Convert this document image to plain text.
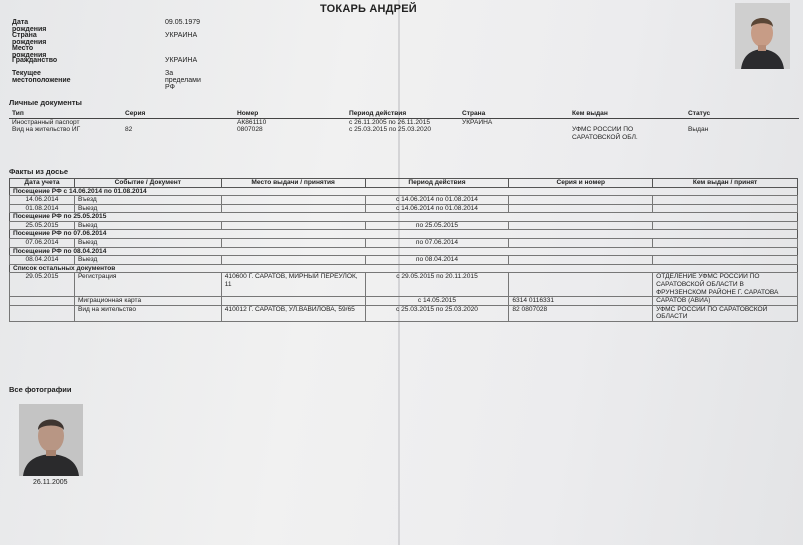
ТОКАРЬ АНДРЕЙ
Дата рождения
09.05.1979
Страна рождения
УКРАИНА
Место рождения
Гражданство	УКРАИНА
Текущее местоположение
За пределами РФ
Личные документы
Тип	Серия	Номер	Период действия	Страна	Кем выдан	Статус
Иностранный паспорт		АК861110	с 26.11.2005 по 26.11.2015	УКРАИНА		
Вид на жительство ИГ	82	0807028	с 25.03.2015 по 25.03.2020		УФМС РОССИИ ПО САРАТОВСКОЙ ОБЛ.	Выдан
Факты из досье
Дата учета	Событие / Документ	Место выдачи / принятия	Период действия	Серия и номер	Кем выдан / принят
Посещение РФ с 14.06.2014 по 01.08.2014					
14.06.2014	Въезд		с 14.06.2014 по 01.08.2014		
01.08.2014	Выезд		с 14.06.2014 по 01.08.2014		
Посещение РФ по 25.05.2015					
25.05.2015	Выезд		по 25.05.2015		
Посещение РФ по 07.06.2014					
07.06.2014	Выезд		по 07.06.2014		
Посещение РФ по 08.04.2014					
08.04.2014	Выезд		по 08.04.2014		
Список остальных документов					
29.05.2015	Регистрация	410600 Г. САРАТОВ, МИРНЫЙ ПЕРЕУЛОК, 11	с 29.05.2015 по 20.11.2015		ОТДЕЛЕНИЕ УФМС РОССИИ ПО САРАТОВСКОЙ ОБЛАСТИ В ФРУНЗЕНСКОМ РАЙОНЕ Г. САРАТОВА
	Миграционная карта		с 14.05.2015	6314 0116331	САРАТОВ (АВИА)
	Вид на жительство	410012 Г. САРАТОВ, УЛ.ВАВИЛОВА, 59/65	с 25.03.2015 по 25.03.2020	82 0807028	УФМС РОССИИ ПО САРАТОВСКОЙ ОБЛАСТИ
Все фотографии
26.11.2005
